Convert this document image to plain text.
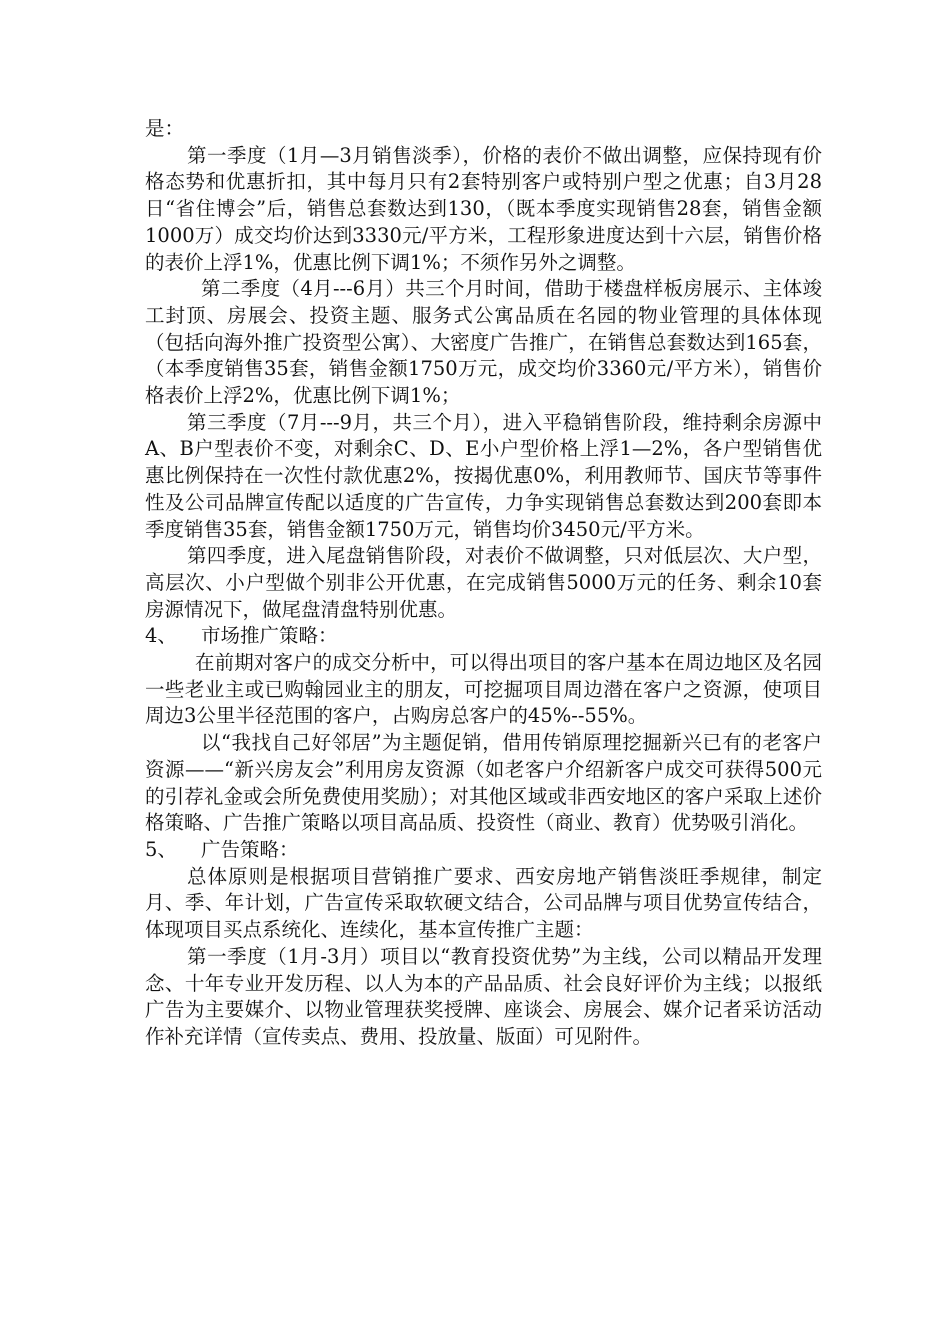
是：

第一季度（1月—3月销售淡季），价格的表价不做出调整，应保持现有价格态势和优惠折扣，其中每月只有2套特别客户或特别户型之优惠；自3月28日“省住博会”后，销售总套数达到130，（既本季度实现销售28套，销售金额1000万）成交均价达到3330元/平方米，工程形象进度达到十六层，销售价格的表价上浮1%，优惠比例下调1%；不须作另外之调整。

第二季度（4月---6月）共三个月时间，借助于楼盘样板房展示、主体竣工封顶、房展会、投资主题、服务式公寓品质在名园的物业管理的具体体现（包括向海外推广投资型公寓）、大密度广告推广，在销售总套数达到165套，（本季度销售35套，销售金额1750万元，成交均价3360元/平方米），销售价格表价上浮2%，优惠比例下调1%；

第三季度（7月---9月，共三个月），进入平稳销售阶段，维持剩余房源中A、B户型表价不变，对剩余C、D、E小户型价格上浮1—2%，各户型销售优惠比例保持在一次性付款优惠2%，按揭优惠0%，利用教师节、国庆节等事件性及公司品牌宣传配以适度的广告宣传，力争实现销售总套数达到200套即本季度销售35套，销售金额1750万元，销售均价3450元/平方米。

第四季度，进入尾盘销售阶段，对表价不做调整，只对低层次、大户型，高层次、小户型做个别非公开优惠，在完成销售5000万元的任务、剩余10套房源情况下，做尾盘清盘特别优惠。

4、 市场推广策略：

在前期对客户的成交分析中，可以得出项目的客户基本在周边地区及名园一些老业主或已购翰园业主的朋友，可挖掘项目周边潜在客户之资源，使项目周边3公里半径范围的客户，占购房总客户的45%--55%。

以“我找自己好邻居”为主题促销，借用传销原理挖掘新兴已有的老客户资源——“新兴房友会”利用房友资源（如老客户介绍新客户成交可获得500元的引荐礼金或会所免费使用奖励）；对其他区域或非西安地区的客户采取上述价格策略、广告推广策略以项目高品质、投资性（商业、教育）优势吸引消化。

5、 广告策略：

总体原则是根据项目营销推广要求、西安房地产销售淡旺季规律，制定月、季、年计划，广告宣传采取软硬文结合，公司品牌与项目优势宣传结合，体现项目买点系统化、连续化，基本宣传推广主题：

第一季度（1月-3月）项目以“教育投资优势”为主线，公司以精品开发理念、十年专业开发历程、以人为本的产品品质、社会良好评价为主线；以报纸广告为主要媒介、以物业管理获奖授牌、座谈会、房展会、媒介记者采访活动作补充详情（宣传卖点、费用、投放量、版面）可见附件。
